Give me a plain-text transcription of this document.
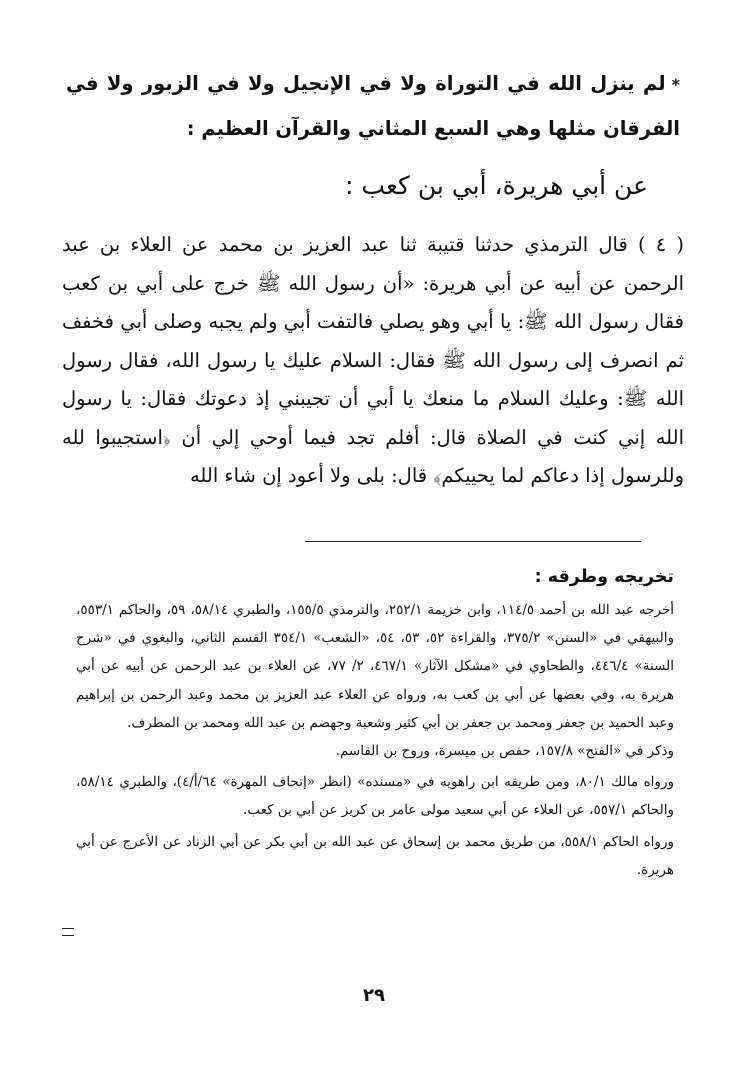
*لم ينزل الله في التوراة ولا في الإنجيل ولا في الزبور ولا في الفرقان مثلها وهي السبع المثاني والقرآن العظيم :
عن أبي هريرة، أبي بن كعب :
( ٤ ) قال الترمذي حدثنا قتيبة ثنا عبد العزيز بن محمد عن العلاء بن عبد الرحمن عن أبيه عن أبي هريرة: «أن رسول الله ﷺ خرج على أبي بن كعب فقال رسول الله ﷺ: يا أبي وهو يصلي فالتفت أبي ولم يجبه وصلى أبي فخفف ثم انصرف إلى رسول الله ﷺ فقال: السلام عليك يا رسول الله، فقال رسول الله ﷺ: وعليك السلام ما منعك يا أبي أن تجيبني إذ دعوتك فقال: يا رسول الله إني كنت في الصلاة قال: أفلم تجد فيما أوحي إلي أن ﴿استجيبوا لله وللرسول إذا دعاكم لما يحييكم﴾ قال: بلى ولا أعود إن شاء الله
تخريجه وطرقه :

أخرجه عبد الله بن أحمد ١١٤/٥، وابن خزيمة ٢٥٢/١، والترمذي ١٥٥/٥، والطبري ٥٨/١٤، ٥٩، والحاكم ٥٥٣/١، والبيهقي في «السنن» ٣٧٥/٢، والقراءة ٥٢، ٥٣، ٥٤، «الشعب» ٣٥٤/١ القسم الثاني، والبغوي في «شرح السنة» ٤٤٦/٤، والطحاوي في «مشكل الآثار» ٤٦٧/١، ٢/ ٧٧، عن العلاء بن عبد الرحمن عن أبيه عن أبي هريرة به، وفي بعضها عن أبي بن كعب به، ورواه عن العلاء عبد العزيز بن محمد وعبد الرحمن بن إبراهيم وعبد الحميد بن جعفر ومحمد بن جعفر بن أبي كثير وشعبة وجهضم بن عبد الله ومحمد بن المطرف.

وذكر في «الفتح» ١٥٧/٨، حفص بن ميسرة، وروح بن القاسم.

ورواه مالك ٨٠/١، ومن طريقه ابن راهويه في «مسنده» (انظر «إتحاف المهرة» ٦٤/أ/٤)، والطبري ٥٨/١٤، والحاكم ٥٥٧/١، عن العلاء عن أبي سعيد مولى عامر بن كريز عن أبي بن كعب.

ورواه الحاكم ٥٥٨/١، من طريق محمد بن إسحاق عن عبد الله بن أبي بكر عن أبي الزناد عن الأعرج عن أبي هريرة.

٢٩
